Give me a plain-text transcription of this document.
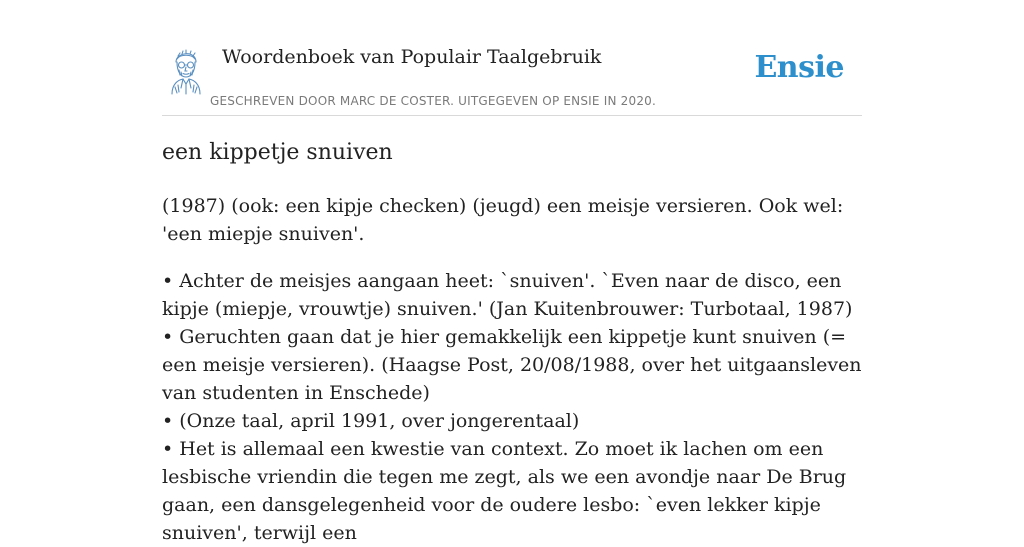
Woordenboek van Populair Taalgebruik
GESCHREVEN DOOR MARC DE COSTER. UITGEGEVEN OP ENSIE IN 2020.
Ensie
een kippetje snuiven

(1987) (ook: een kipje checken) (jeugd) een meisje versieren. Ook wel: 'een miepje snuiven'.

• Achter de meisjes aangaan heet: `snuiven'. `Even naar de disco, een kipje (miepje, vrouwtje) snuiven.' (Jan Kuitenbrouwer: Turbotaal, 1987)
• Geruchten gaan dat je hier gemakkelijk een kippetje kunt snuiven (= een meisje versieren). (Haagse Post, 20/08/1988, over het uitgaansleven van studenten in Enschede)
• (Onze taal, april 1991, over jongerentaal)
• Het is allemaal een kwestie van context. Zo moet ik lachen om een lesbische vriendin die tegen me zegt, als we een avondje naar De Brug gaan, een dansgelegenheid voor de oudere lesbo: `even lekker kipje snuiven', terwijl een
